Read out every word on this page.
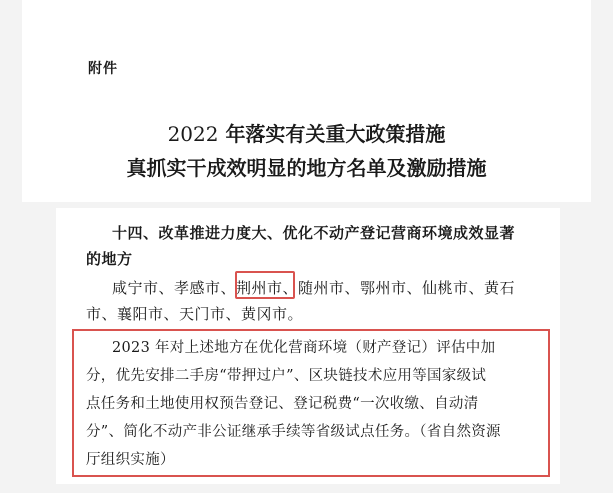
附件
2022 年落实有关重大政策措施
真抓实干成效明显的地方名单及激励措施
十四、改革推进力度大、优化不动产登记营商环境成效显著
的地方
咸宁市、孝感市、荆州市、随州市、鄂州市、仙桃市、黄石
市、襄阳市、天门市、黄冈市。
2023 年对上述地方在优化营商环境（财产登记）评估中加
分，优先安排二手房“带押过户”、区块链技术应用等国家级试
点任务和土地使用权预告登记、登记税费“一次收缴、自动清
分”、简化不动产非公证继承手续等省级试点任务。（省自然资源
厅组织实施）
